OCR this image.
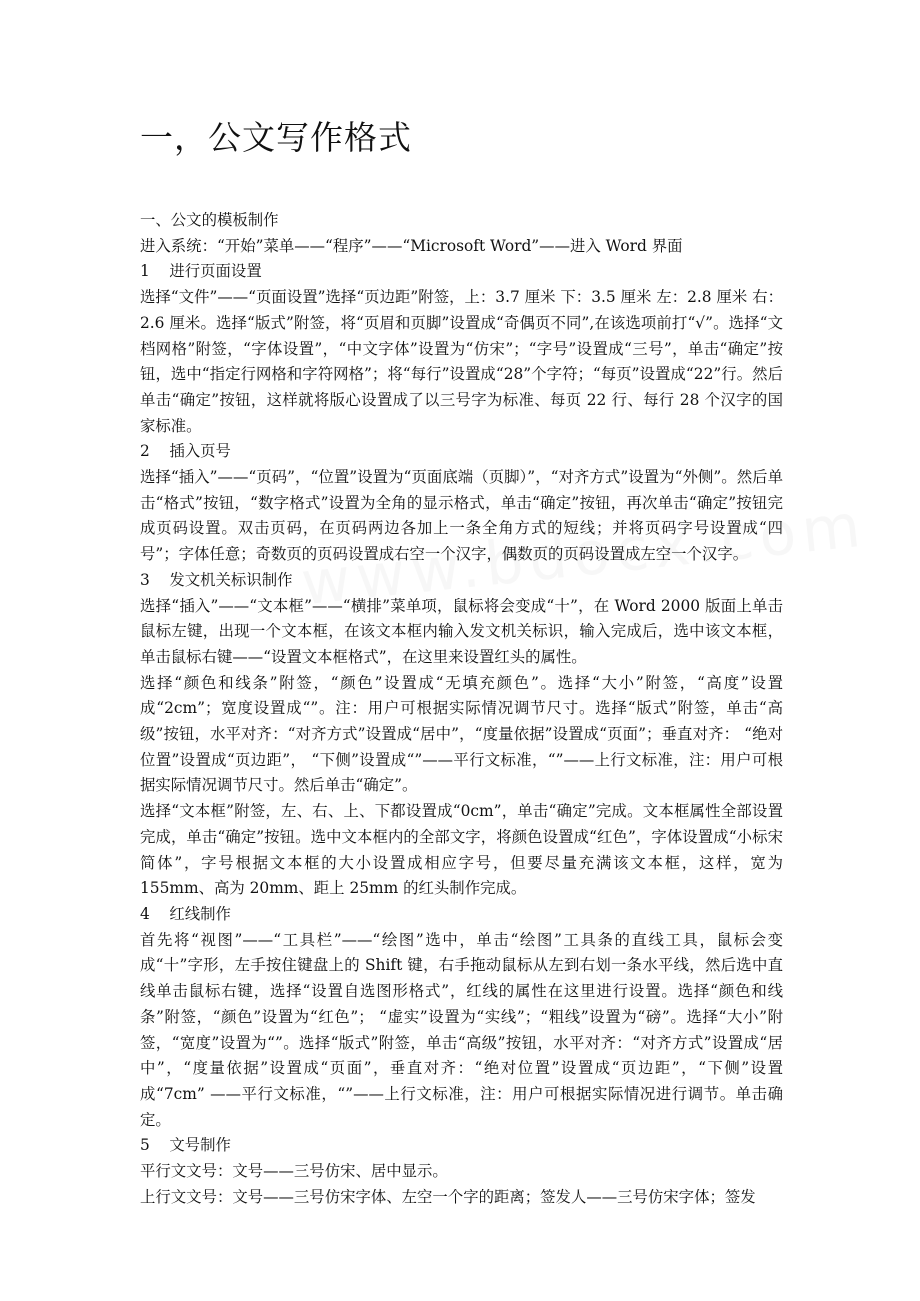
一，公文写作格式
一、公文的模板制作
进入系统：“开始”菜单——“程序”——“Microsoft Word”——进入 Word 界面
1    进行页面设置
选择“文件”——“页面设置”选择“页边距”附签，上：3.7 厘米 下：3.5 厘米 左：2.8 厘米 右：2.6 厘米。选择“版式”附签，将“页眉和页脚”设置成“奇偶页不同”,在该选项前打“√”。选择“文档网格”附签，“字体设置”，“中文字体”设置为“仿宋”；“字号”设置成“三号”，单击“确定”按钮，选中“指定行网格和字符网格”；将“每行”设置成“28”个字符；“每页”设置成“22”行。然后单击“确定”按钮，这样就将版心设置成了以三号字为标准、每页 22 行、每行 28 个汉字的国家标准。
2    插入页号
选择“插入”——“页码”，“位置”设置为“页面底端（页脚）”，“对齐方式”设置为“外侧”。然后单击“格式”按钮，“数字格式”设置为全角的显示格式，单击“确定”按钮，再次单击“确定”按钮完成页码设置。双击页码，在页码两边各加上一条全角方式的短线；并将页码字号设置成“四号”；字体任意；奇数页的页码设置成右空一个汉字，偶数页的页码设置成左空一个汉字。
3    发文机关标识制作
选择“插入”——“文本框”——“横排”菜单项，鼠标将会变成“十”，在 Word 2000 版面上单击鼠标左键，出现一个文本框，在该文本框内输入发文机关标识，输入完成后，选中该文本框，单击鼠标右键——“设置文本框格式”，在这里来设置红头的属性。
选择“颜色和线条”附签，“颜色”设置成“无填充颜色”。选择“大小”附签，“高度”设置成“2cm”；宽度设置成“”。注：用户可根据实际情况调节尺寸。选择“版式”附签，单击“高级”按钮，水平对齐：“对齐方式”设置成“居中”，“度量依据”设置成“页面”；垂直对齐： “绝对位置”设置成“页边距”， “下侧”设置成“”——平行文标准，“”——上行文标准，注：用户可根据实际情况调节尺寸。然后单击“确定”。
选择“文本框”附签，左、右、上、下都设置成“0cm”，单击“确定”完成。文本框属性全部设置完成，单击“确定”按钮。选中文本框内的全部文字，将颜色设置成“红色”，字体设置成“小标宋简体”，字号根据文本框的大小设置成相应字号，但要尽量充满该文本框，这样，宽为 155mm、高为 20mm、距上 25mm 的红头制作完成。
4    红线制作
首先将“视图”——“工具栏”——“绘图”选中，单击“绘图”工具条的直线工具，鼠标会变成“十”字形，左手按住键盘上的 Shift 键，右手拖动鼠标从左到右划一条水平线，然后选中直线单击鼠标右键，选择“设置自选图形格式”，红线的属性在这里进行设置。选择“颜色和线条”附签，“颜色”设置为“红色”； “虚实”设置为“实线”；“粗线”设置为“磅”。选择“大小”附签，“宽度”设置为“”。选择“版式”附签，单击“高级”按钮，水平对齐：“对齐方式”设置成“居中”，“度量依据”设置成“页面”，垂直对齐：“绝对位置”设置成“页边距”，“下侧”设置成“7cm” ——平行文标准，“”——上行文标准，注：用户可根据实际情况进行调节。单击确定。
5    文号制作
平行文文号：文号——三号仿宋、居中显示。
上行文文号：文号——三号仿宋字体、左空一个字的距离；签发人——三号仿宋字体；签发
